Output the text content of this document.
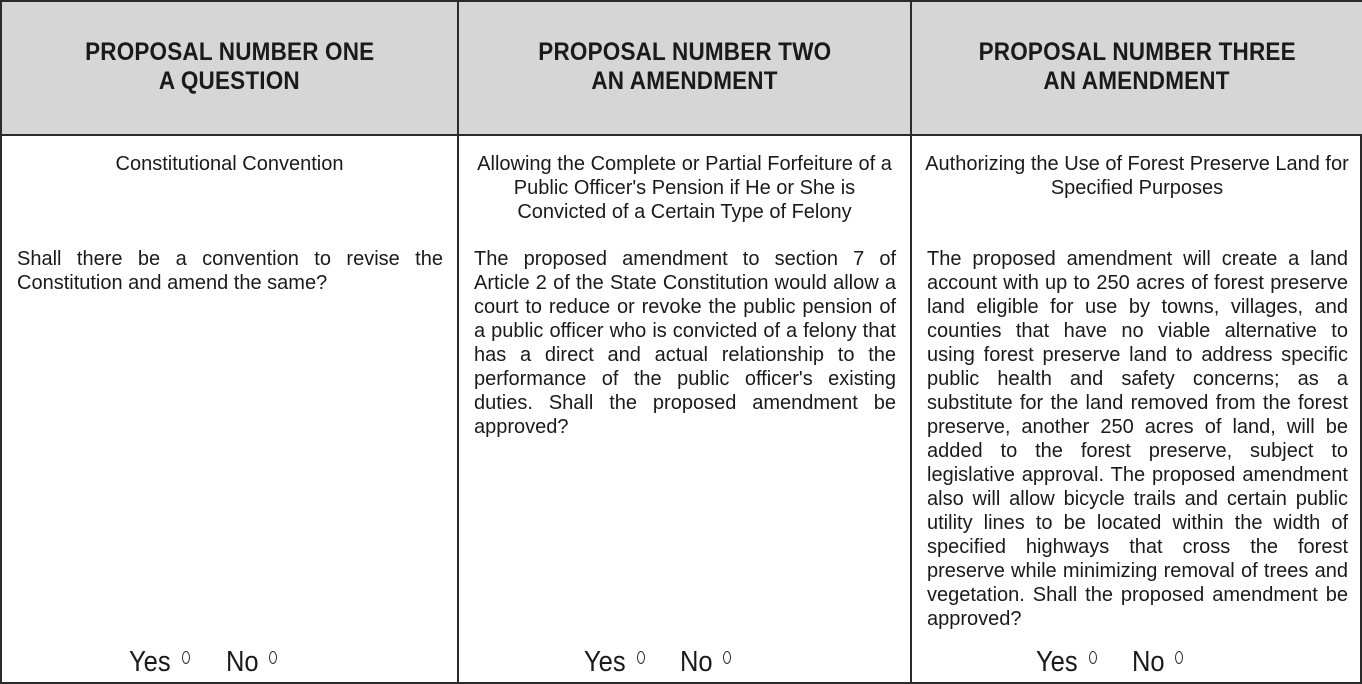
PROPOSAL NUMBER ONE
A QUESTION
Constitutional Convention
Shall there be a convention to revise the Constitution and amend the same?
Yes No
PROPOSAL NUMBER TWO
AN AMENDMENT
Allowing the Complete or Partial Forfeiture of a
Public Officer's Pension if He or She is
Convicted of a Certain Type of Felony
The proposed amendment to section 7 of Article 2 of the State Constitution would allow a court to reduce or revoke the public pension of a public officer who is convicted of a felony that has a direct and actual relationship to the performance of the public officer's existing duties. Shall the proposed amendment be approved?
Yes No
PROPOSAL NUMBER THREE
AN AMENDMENT
Authorizing the Use of Forest Preserve Land for
Specified Purposes
The proposed amendment will create a land account with up to 250 acres of forest preserve land eligible for use by towns, villages, and counties that have no viable alternative to using forest preserve land to address specific public health and safety concerns; as a substitute for the land removed from the forest preserve, another 250 acres of land, will be added to the forest preserve, subject to legislative approval. The proposed amendment also will allow bicycle trails and certain public utility lines to be located within the width of specified highways that cross the forest preserve while minimizing removal of trees and vegetation. Shall the proposed amendment be approved?
Yes No
